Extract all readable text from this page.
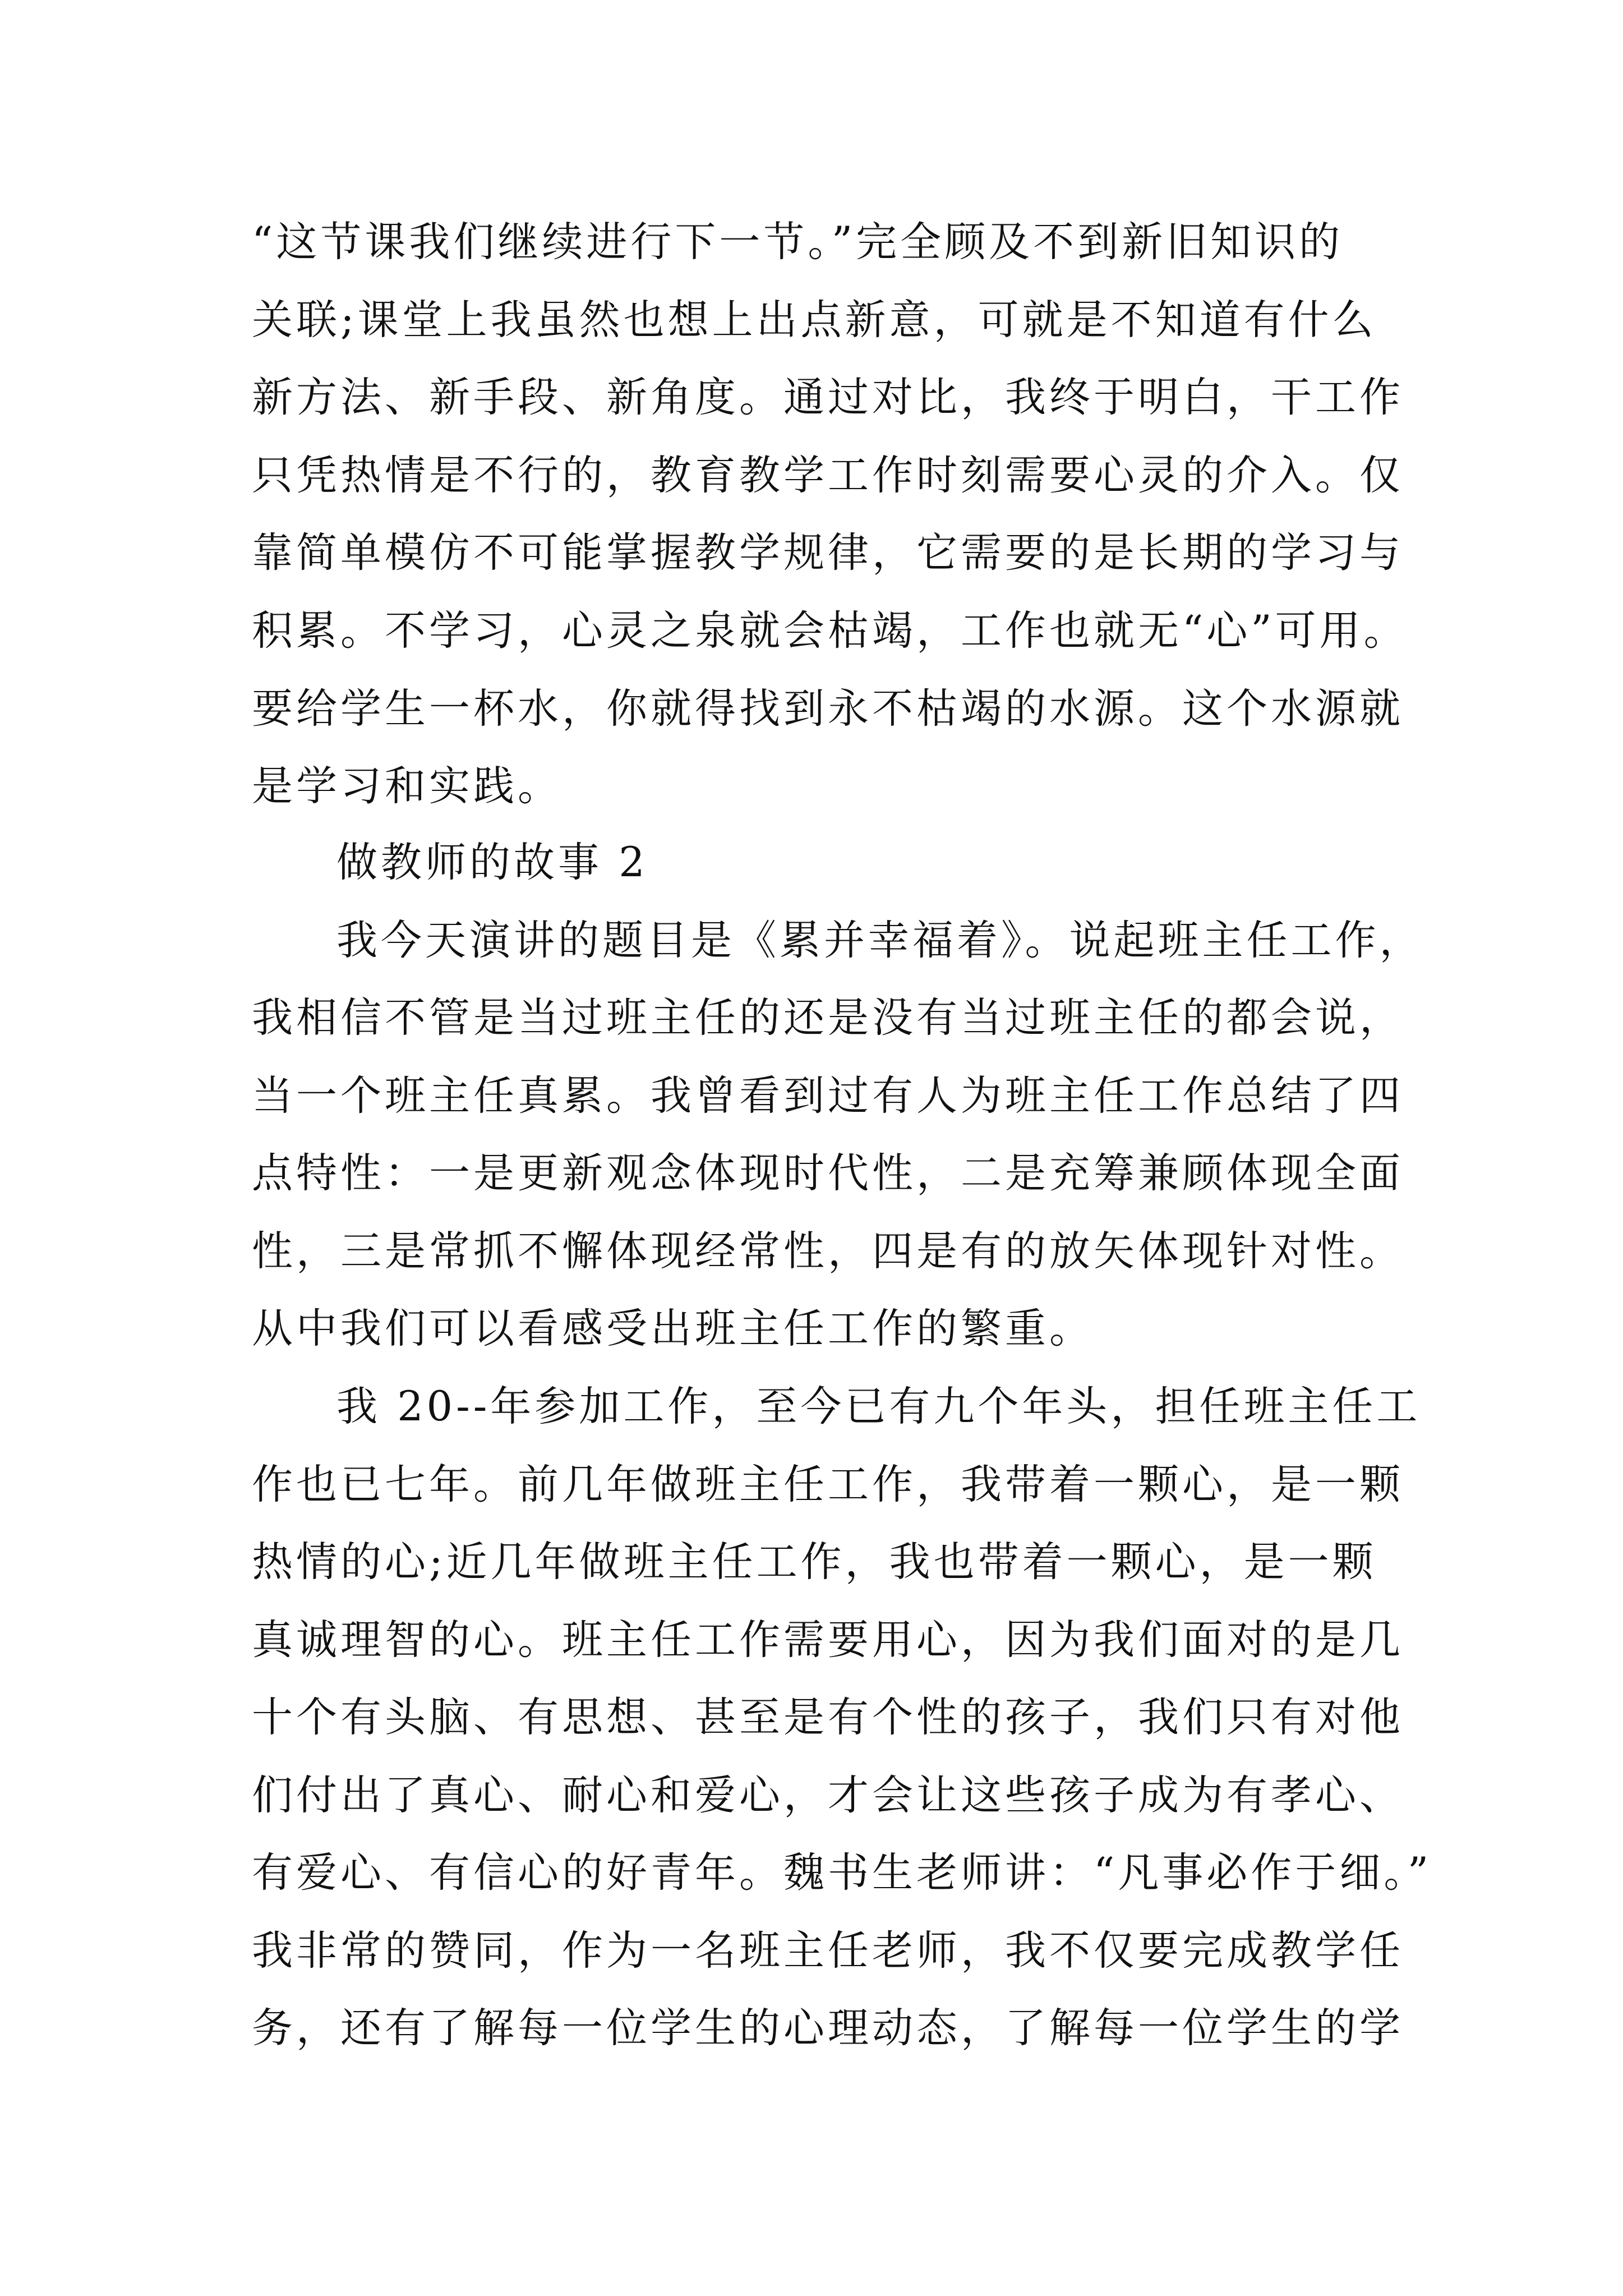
“这节课我们继续进行下一节。”完全顾及不到新旧知识的
关联;课堂上我虽然也想上出点新意，可就是不知道有什么
新方法、新手段、新角度。通过对比，我终于明白，干工作
只凭热情是不行的，教育教学工作时刻需要心灵的介入。仅
靠简单模仿不可能掌握教学规律，它需要的是长期的学习与
积累。不学习，心灵之泉就会枯竭，工作也就无“心”可用。
要给学生一杯水，你就得找到永不枯竭的水源。这个水源就
是学习和实践。
做教师的故事 2
我今天演讲的题目是《累并幸福着》。说起班主任工作，
我相信不管是当过班主任的还是没有当过班主任的都会说，
当一个班主任真累。我曾看到过有人为班主任工作总结了四
点特性：一是更新观念体现时代性，二是充筹兼顾体现全面
性，三是常抓不懈体现经常性，四是有的放矢体现针对性。
从中我们可以看感受出班主任工作的繁重。
我 20--年参加工作，至今已有九个年头，担任班主任工
作也已七年。前几年做班主任工作，我带着一颗心，是一颗
热情的心;近几年做班主任工作，我也带着一颗心，是一颗
真诚理智的心。班主任工作需要用心，因为我们面对的是几
十个有头脑、有思想、甚至是有个性的孩子，我们只有对他
们付出了真心、耐心和爱心，才会让这些孩子成为有孝心、
有爱心、有信心的好青年。魏书生老师讲：“凡事必作于细。”
我非常的赞同，作为一名班主任老师，我不仅要完成教学任
务，还有了解每一位学生的心理动态，了解每一位学生的学
